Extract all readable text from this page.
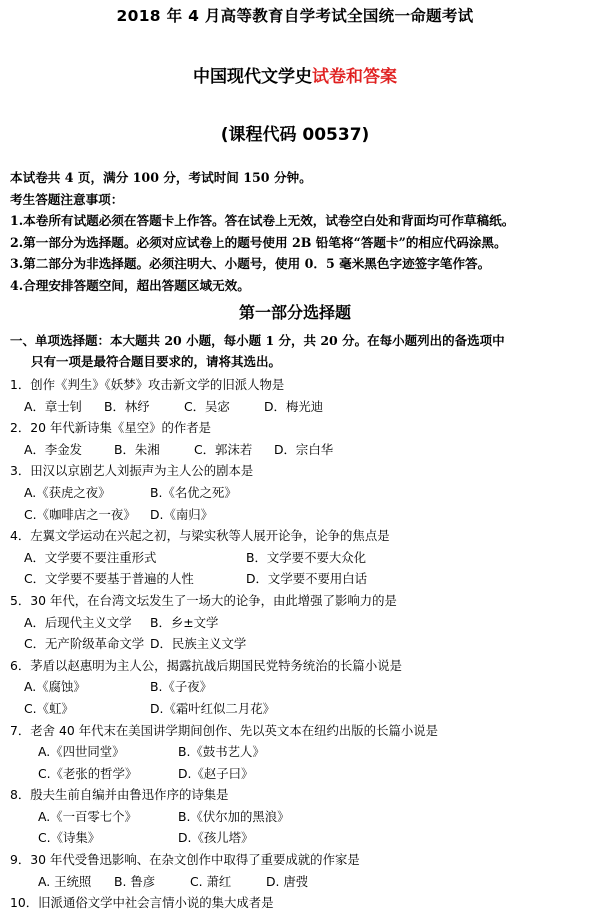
2018 年 4 月高等教育自学考试全国统一命题考试
中国现代文学史试卷和答案
(课程代码 00537)
本试卷共 4 页，满分 100 分，考试时间 150 分钟。
考生答题注意事项：
1.本卷所有试题必须在答题卡上作答。答在试卷上无效，试卷空白处和背面均可作草稿纸。
2.第一部分为选择题。必须对应试卷上的题号使用 2B 铅笔将“答题卡”的相应代码涂黑。
3.第二部分为非选择题。必须注明大、小题号，使用 0．5 毫米黑色字迹签字笔作答。
4.合理安排答题空间，超出答题区域无效。
第一部分选择题
一、单项选择题：本大题共 20 小题，每小题 1 分，共 20 分。在每小题列出的备选项中
只有一项是最符合题目要求的，请将其选出。
1．创作《判生》《妖梦》攻击新文学的旧派人物是
A．章士钊 B．林纾	C．吴宓	D．梅光迪
2．20 年代新诗集《星空》的作者是
A．李金发	B．朱湘	C．郭沫若 D．宗白华
3．田汉以京剧艺人刘振声为主人公的剧本是
A.《获虎之夜》	B.《名优之死》
C.《咖啡店之一夜》 D.《南归》
4．左翼文学运动在兴起之初，与梁实秋等人展开论争，论争的焦点是
A．文学要不要注重形式	B．文学要不要大众化
C．文学要不要基于普遍的人性	D．文学要不要用白话
5．30 年代，在台湾文坛发生了一场大的论争，由此增强了影响力的是
A．后现代主义文学 B．乡±文学
C．无产阶级革命文学 D．民族主义文学
6．茅盾以赵惠明为主人公，揭露抗战后期国民党特务统治的长篇小说是
A.《腐蚀》	B.《子夜》
C.《虹》	D.《霜叶红似二月花》
7．老舍 40 年代末在美国讲学期间创作、先以英文本在纽约出版的长篇小说是
A.《四世同堂》	B.《鼓书艺人》
C.《老张的哲学》	D.《赵子曰》
8．殷夫生前自编并由鲁迅作序的诗集是
A.《一百零七个》	B.《伏尔加的黑浪》
C.《诗集》	D.《孩儿塔》
9．30 年代受鲁迅影响、在杂文创作中取得了重要成就的作家是
A. 王统照 B. 鲁彦	C. 萧红	D. 唐弢
10．旧派通俗文学中社会言情小说的集大成者是
